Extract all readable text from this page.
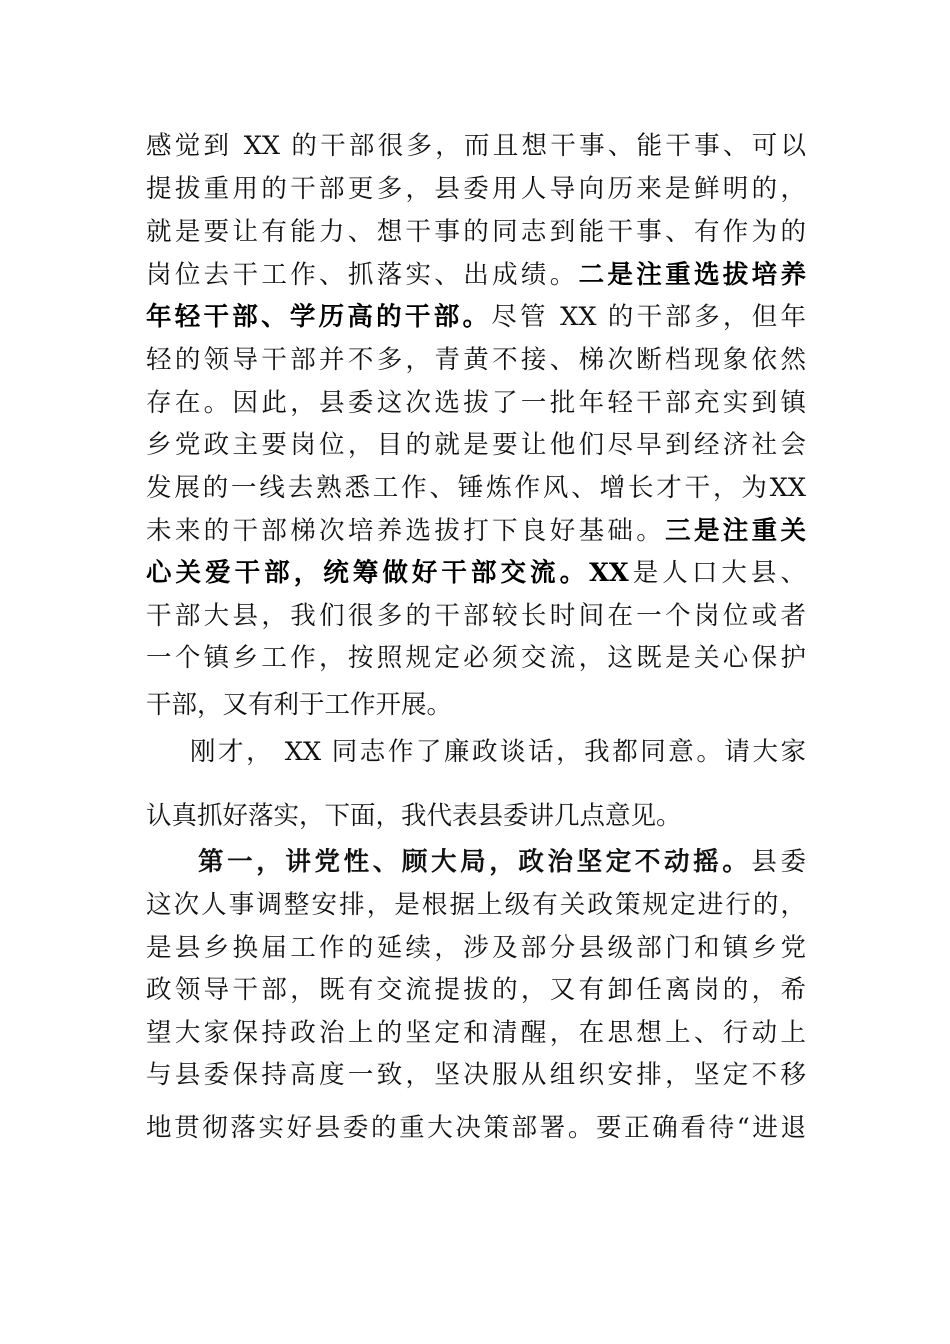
感觉到 XX 的干部很多，而且想干事、能干事、可以
提拔重用的干部更多，县委用人导向历来是鲜明的，
就是要让有能力、想干事的同志到能干事、有作为的
岗位去干工作、抓落实、出成绩。二是注重选拔培养
年轻干部、学历高的干部。尽管 XX 的干部多，但年
轻的领导干部并不多，青黄不接、梯次断档现象依然
存在。因此，县委这次选拔了一批年轻干部充实到镇
乡党政主要岗位，目的就是要让他们尽早到经济社会
发展的一线去熟悉工作、锤炼作风、增长才干，为XX
未来的干部梯次培养选拔打下良好基础。三是注重关
心关爱干部，统筹做好干部交流。XX是人口大县、
干部大县，我们很多的干部较长时间在一个岗位或者
一个镇乡工作，按照规定必须交流，这既是关心保护
干部，又有利于工作开展。
刚才， XX 同志作了廉政谈话，我都同意。请大家
认真抓好落实，下面，我代表县委讲几点意见。
第一，讲党性、顾大局，政治坚定不动摇。县委
这次人事调整安排，是根据上级有关政策规定进行的，
是县乡换届工作的延续，涉及部分县级部门和镇乡党
政领导干部，既有交流提拔的，又有卸任离岗的，希
望大家保持政治上的坚定和清醒，在思想上、行动上
与县委保持高度一致，坚决服从组织安排，坚定不移
地贯彻落实好县委的重大决策部署。要正确看待“进退
